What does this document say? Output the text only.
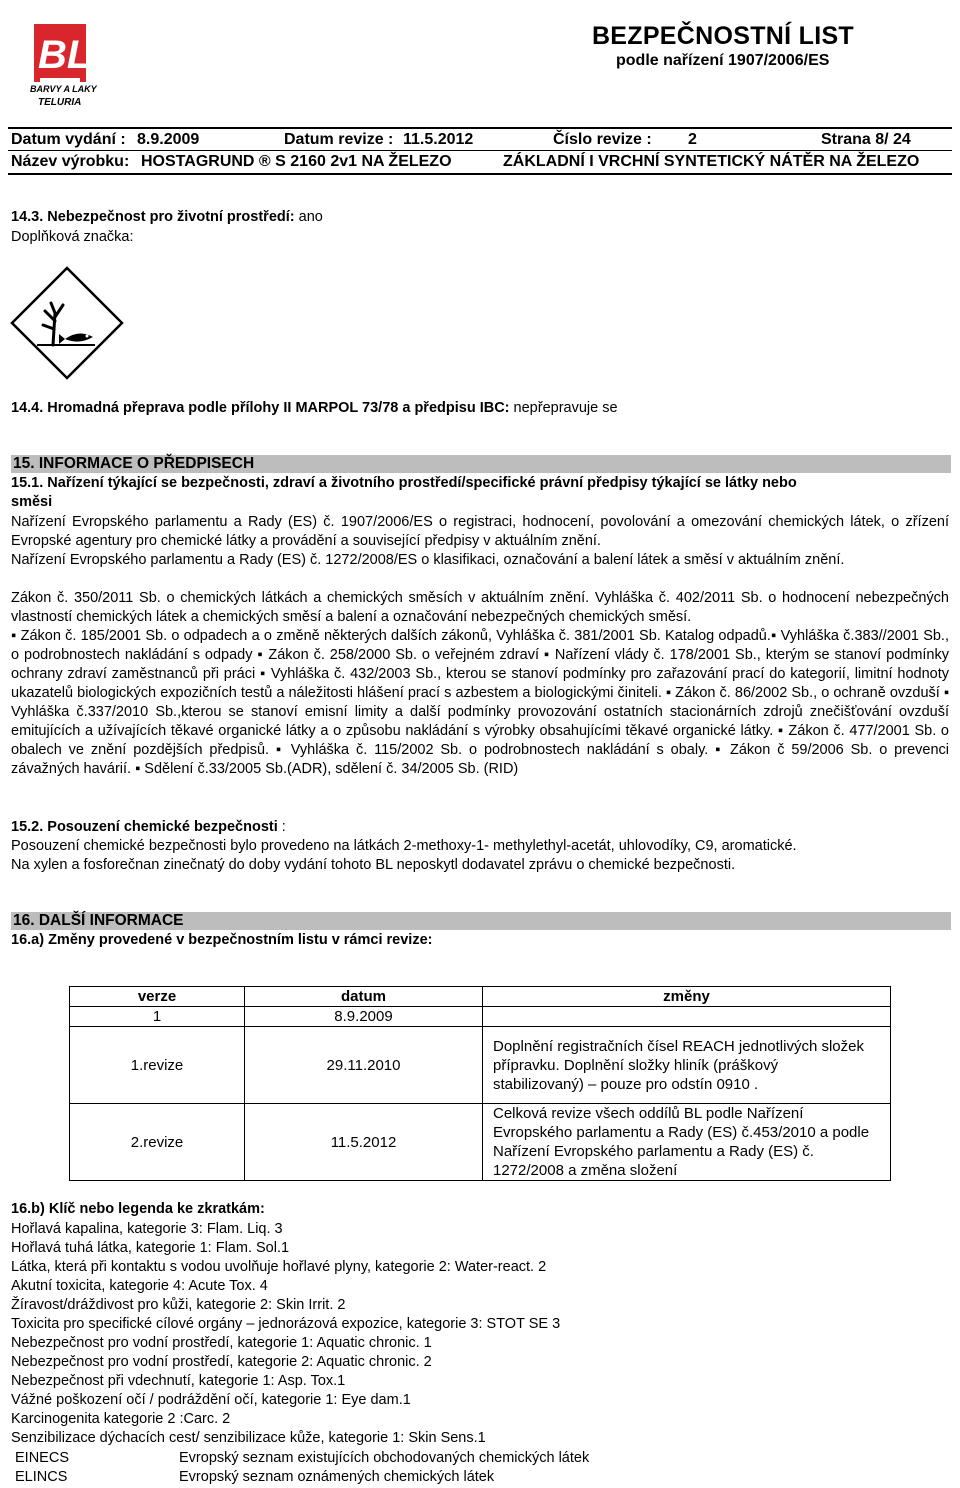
BL
BARVY A LAKY
TELURIA
BEZPEČNOSTNÍ LIST
podle nařízení 1907/2006/ES
Datum vydání : 8.9.2009	Datum revize : 11.5.2012	Číslo revize : 2	Strana 8/ 24
Název výrobku: HOSTAGRUND ® S 2160 2v1 NA ŽELEZO	ZÁKLADNÍ I VRCHNÍ SYNTETICKÝ NÁTĚR NA ŽELEZO
14.3. Nebezpečnost pro životní prostředí: ano
Doplňková značka:
14.4. Hromadná přeprava podle přílohy II MARPOL 73/78 a předpisu IBC: nepřepravuje se
15. INFORMACE O PŘEDPISECH
15.1. Nařízení týkající se bezpečnosti, zdraví a životního prostředí/specifické právní předpisy týkající se látky nebo
směsi
Nařízení Evropského parlamentu a Rady (ES) č. 1907/2006/ES o registraci, hodnocení, povolování a omezování chemických látek, o zřízení Evropské agentury pro chemické látky a provádění a související předpisy v aktuálním znění.
Nařízení Evropského parlamentu a Rady (ES) č. 1272/2008/ES o klasifikaci, označování a balení látek a směsí v aktuálním znění.
Zákon č. 350/2011 Sb. o chemických látkách a chemických směsích v aktuálním znění. Vyhláška č. 402/2011 Sb. o hodnocení nebezpečných vlastností chemických látek a chemických směsí a balení a označování nebezpečných chemických směsí.
▪ Zákon č. 185/2001 Sb. o odpadech a o změně některých dalších zákonů, Vyhláška č. 381/2001 Sb. Katalog odpadů.▪ Vyhláška č.383//2001 Sb., o podrobnostech nakládání s odpady ▪ Zákon č. 258/2000 Sb. o veřejném zdraví ▪ Nařízení vlády č. 178/2001 Sb., kterým se stanoví podmínky ochrany zdraví zaměstnanců při práci ▪ Vyhláška č. 432/2003 Sb., kterou se stanoví podmínky pro zařazování prací do kategorií, limitní hodnoty ukazatelů biologických expozičních testů a náležitosti hlášení prací s azbestem a biologickými činiteli. ▪ Zákon č. 86/2002 Sb., o ochraně ovzduší ▪ Vyhláška č.337/2010 Sb.,kterou se stanoví emisní limity a další podmínky provozování ostatních stacionárních zdrojů znečišťování ovzduší emitujících a užívajících těkavé organické látky a o způsobu nakládání s výrobky obsahujícími těkavé organické látky. ▪ Zákon č. 477/2001 Sb. o obalech ve znění pozdějších předpisů. ▪ Vyhláška č. 115/2002 Sb. o podrobnostech nakládání s obaly. ▪ Zákon č 59/2006 Sb. o prevenci závažných havárií. ▪ Sdělení č.33/2005 Sb.(ADR), sdělení č. 34/2005 Sb. (RID)
15.2. Posouzení chemické bezpečnosti :
Posouzení chemické bezpečnosti bylo provedeno na látkách 2-methoxy-1- methylethyl-acetát, uhlovodíky, C9, aromatické.
Na xylen a fosforečnan zinečnatý do doby vydání tohoto BL neposkytl dodavatel zprávu o chemické bezpečnosti.
16. DALŠÍ INFORMACE
16.a) Změny provedené v bezpečnostním listu v rámci revize:
verze	datum	změny
1	8.9.2009	
1.revize	29.11.2010	Doplnění registračních čísel REACH jednotlivých složek přípravku. Doplnění složky hliník (práškový stabilizovaný) – pouze pro odstín 0910 .
2.revize	11.5.2012	Celková revize všech oddílů BL podle Nařízení Evropského parlamentu a Rady (ES) č.453/2010 a podle Nařízení Evropského parlamentu a Rady (ES) č. 1272/2008 a změna složení
16.b) Klíč nebo legenda ke zkratkám:
Hořlavá kapalina, kategorie 3: Flam. Liq. 3
Hořlavá tuhá látka, kategorie 1: Flam. Sol.1
Látka, která při kontaktu s vodou uvolňuje hořlavé plyny, kategorie 2: Water-react. 2
Akutní toxicita, kategorie 4: Acute Tox. 4
Žíravost/dráždivost pro kůži, kategorie 2: Skin Irrit. 2
Toxicita pro specifické cílové orgány – jednorázová expozice, kategorie 3: STOT SE 3
Nebezpečnost pro vodní prostředí, kategorie 1: Aquatic chronic. 1
Nebezpečnost pro vodní prostředí, kategorie 2: Aquatic chronic. 2
Nebezpečnost při vdechnutí, kategorie 1: Asp. Tox.1
Vážné poškození očí / podráždění očí, kategorie 1: Eye dam.1
Karcinogenita kategorie 2 :Carc. 2
Senzibilizace dýchacích cest/ senzibilizace kůže, kategorie 1: Skin Sens.1
EINECS	Evropský seznam existujících obchodovaných chemických látek
ELINCS	Evropský seznam oznámených chemických látek
